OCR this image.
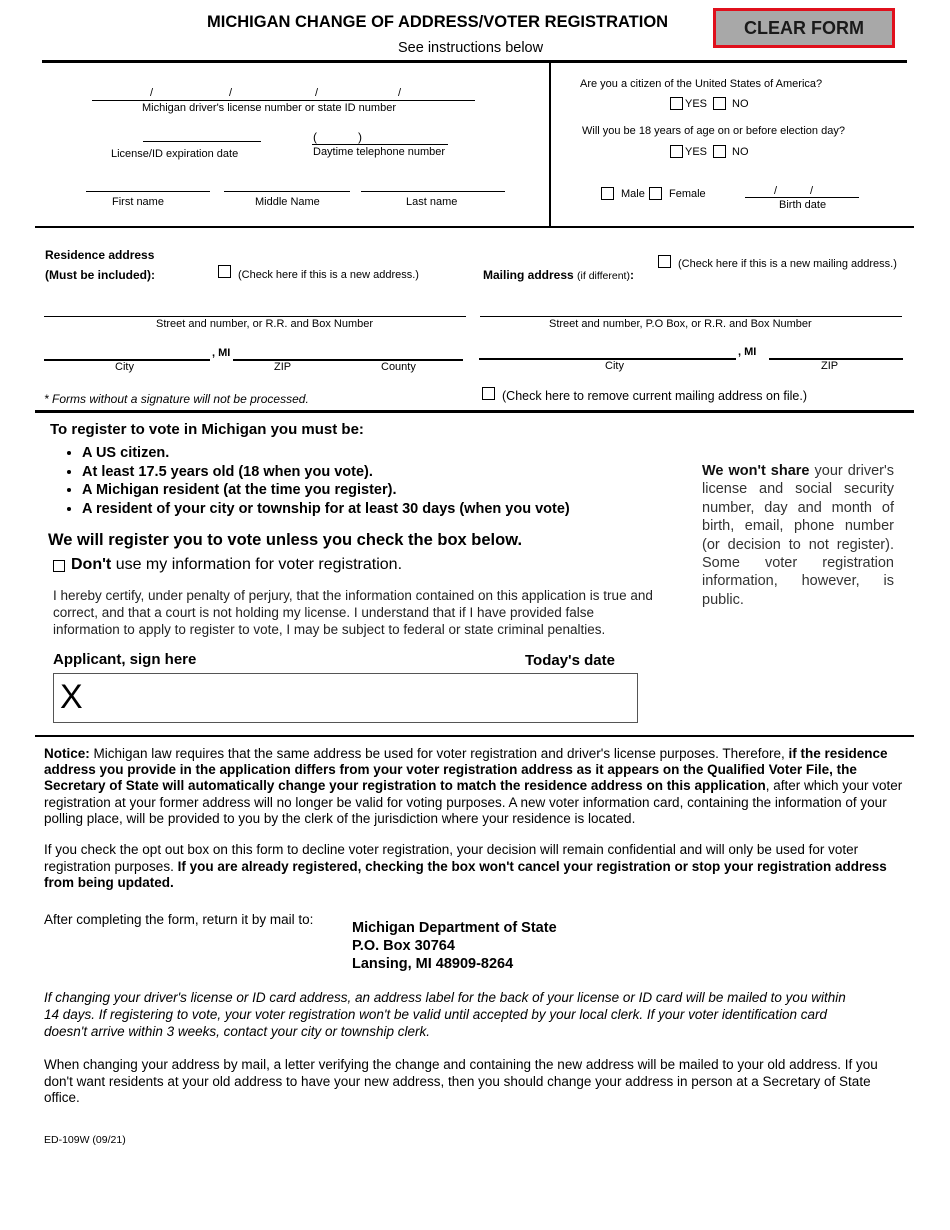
MICHIGAN CHANGE OF ADDRESS/VOTER REGISTRATION
See instructions below
CLEAR FORM
/	/	/	/
Michigan driver's license number or state ID number
License/ID expiration date
(	)
Daytime telephone number
First name	Middle Name	Last name
Are you a citizen of the United States of America?
YES NO
Will you be 18 years of age on or before election day?
YES NO
Male Female	/	/
Birth date
Residence address
(Must be included):	(Check here if this is a new address.)
Street and number, or R.R. and Box Number
, MI
City	ZIP	County
* Forms without a signature will not be processed.
Mailing address (if different):
(Check here if this is a new mailing address.)
Street and number, P.O Box, or R.R. and Box Number
, MI
City	ZIP
(Check here to remove current mailing address on file.)
To register to vote in Michigan you must be:
• A US citizen.
• At least 17.5 years old (18 when you vote).
• A Michigan resident (at the time you register).
• A resident of your city or township for at least 30 days (when you vote)
We will register you to vote unless you check the box below.
Don't use my information for voter registration.
I hereby certify, under penalty of perjury, that the information contained on this application is true and correct, and that a court is not holding my license. I understand that if I have provided false information to apply to register to vote, I may be subject to federal or state criminal penalties.
Applicant, sign here	Today's date
X
We won't share your driver's license and social security number, day and month of birth, email, phone number (or decision to not register). Some voter registration information, however, is public.
Notice: Michigan law requires that the same address be used for voter registration and driver's license purposes. Therefore, if the residence address you provide in the application differs from your voter registration address as it appears on the Qualified Voter File, the Secretary of State will automatically change your registration to match the residence address on this application, after which your voter registration at your former address will no longer be valid for voting purposes. A new voter information card, containing the information of your polling place, will be provided to you by the clerk of the jurisdiction where your residence is located.
If you check the opt out box on this form to decline voter registration, your decision will remain confidential and will only be used for voter registration purposes. If you are already registered, checking the box won't cancel your registration or stop your registration address from being updated.
After completing the form, return it by mail to:
Michigan Department of State
P.O. Box 30764
Lansing, MI 48909-8264
If changing your driver's license or ID card address, an address label for the back of your license or ID card will be mailed to you within 14 days. If registering to vote, your voter registration won't be valid until accepted by your local clerk. If your voter identification card doesn't arrive within 3 weeks, contact your city or township clerk.
When changing your address by mail, a letter verifying the change and containing the new address will be mailed to your old address. If you don't want residents at your old address to have your new address, then you should change your address in person at a Secretary of State office.
ED-109W (09/21)
